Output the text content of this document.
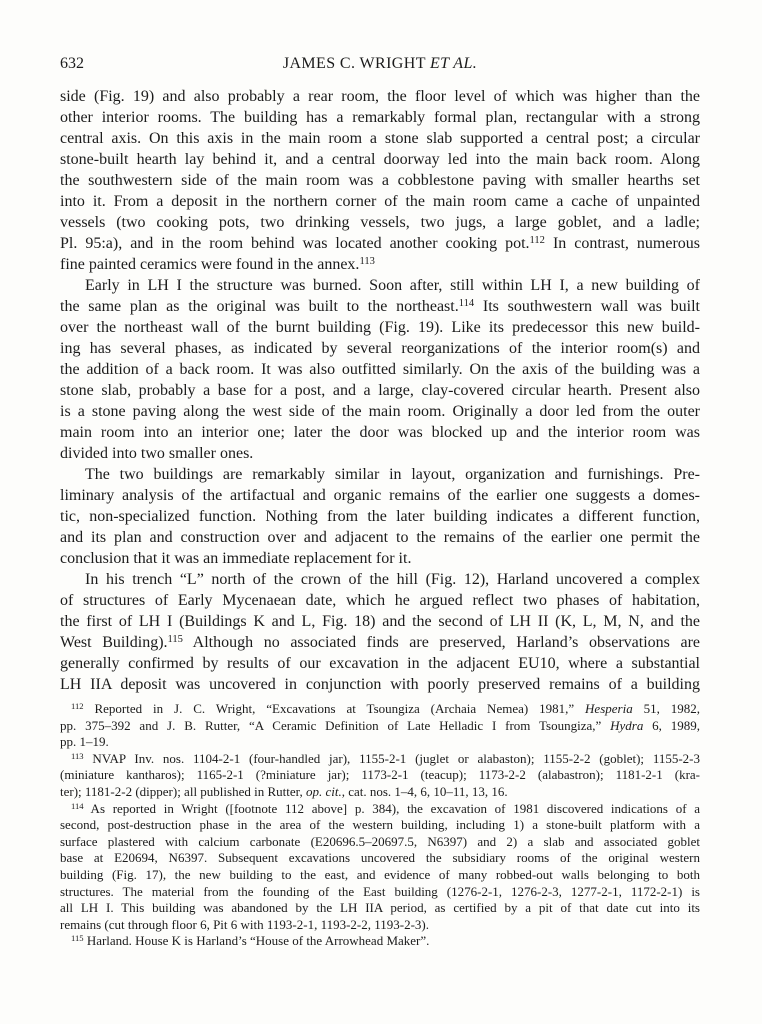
632	JAMES C. WRIGHT ET AL.
side (Fig. 19) and also probably a rear room, the floor level of which was higher than the
other interior rooms. The building has a remarkably formal plan, rectangular with a strong
central axis. On this axis in the main room a stone slab supported a central post; a circular
stone-built hearth lay behind it, and a central doorway led into the main back room. Along
the southwestern side of the main room was a cobblestone paving with smaller hearths set
into it. From a deposit in the northern corner of the main room came a cache of unpainted
vessels (two cooking pots, two drinking vessels, two jugs, a large goblet, and a ladle;
Pl. 95:a), and in the room behind was located another cooking pot.$^{112}$ In contrast, numerous
fine painted ceramics were found in the annex.$^{113}$
Early in LH I the structure was burned. Soon after, still within LH I, a new building of
the same plan as the original was built to the northeast.$^{114}$ Its southwestern wall was built
over the northeast wall of the burnt building (Fig. 19). Like its predecessor this new build-
ing has several phases, as indicated by several reorganizations of the interior room(s) and
the addition of a back room. It was also outfitted similarly. On the axis of the building was a
stone slab, probably a base for a post, and a large, clay-covered circular hearth. Present also
is a stone paving along the west side of the main room. Originally a door led from the outer
main room into an interior one; later the door was blocked up and the interior room was
divided into two smaller ones.
The two buildings are remarkably similar in layout, organization and furnishings. Pre-
liminary analysis of the artifactual and organic remains of the earlier one suggests a domes-
tic, non-specialized function. Nothing from the later building indicates a different function,
and its plan and construction over and adjacent to the remains of the earlier one permit the
conclusion that it was an immediate replacement for it.
In his trench “L” north of the crown of the hill (Fig. 12), Harland uncovered a complex
of structures of Early Mycenaean date, which he argued reflect two phases of habitation,
the first of LH I (Buildings K and L, Fig. 18) and the second of LH II (K, L, M, N, and the
West Building).$^{115}$ Although no associated finds are preserved, Harland’s observations are
generally confirmed by results of our excavation in the adjacent EU10, where a substantial
LH IIA deposit was uncovered in conjunction with poorly preserved remains of a building
$^{112}$ Reported in J. C. Wright, “Excavations at Tsoungiza (Archaia Nemea) 1981,” Hesperia 51, 1982,
pp. 375–392 and J. B. Rutter, “A Ceramic Definition of Late Helladic I from Tsoungiza,” Hydra 6, 1989,
pp. 1–19.
$^{113}$ NVAP Inv. nos. 1104-2-1 (four-handled jar), 1155-2-1 (juglet or alabaston); 1155-2-2 (goblet); 1155-2-3
(miniature kantharos); 1165-2-1 (?miniature jar); 1173-2-1 (teacup); 1173-2-2 (alabastron); 1181-2-1 (kra-
ter); 1181-2-2 (dipper); all published in Rutter, op. cit., cat. nos. 1–4, 6, 10–11, 13, 16.
$^{114}$ As reported in Wright ([footnote 112 above] p. 384), the excavation of 1981 discovered indications of a
second, post-destruction phase in the area of the western building, including 1) a stone-built platform with a
surface plastered with calcium carbonate (E20696.5–20697.5, N6397) and 2) a slab and associated goblet
base at E20694, N6397. Subsequent excavations uncovered the subsidiary rooms of the original western
building (Fig. 17), the new building to the east, and evidence of many robbed-out walls belonging to both
structures. The material from the founding of the East building (1276-2-1, 1276-2-3, 1277-2-1, 1172-2-1) is
all LH I. This building was abandoned by the LH IIA period, as certified by a pit of that date cut into its
remains (cut through floor 6, Pit 6 with 1193-2-1, 1193-2-2, 1193-2-3).
$^{115}$ Harland. House K is Harland’s “House of the Arrowhead Maker”.
